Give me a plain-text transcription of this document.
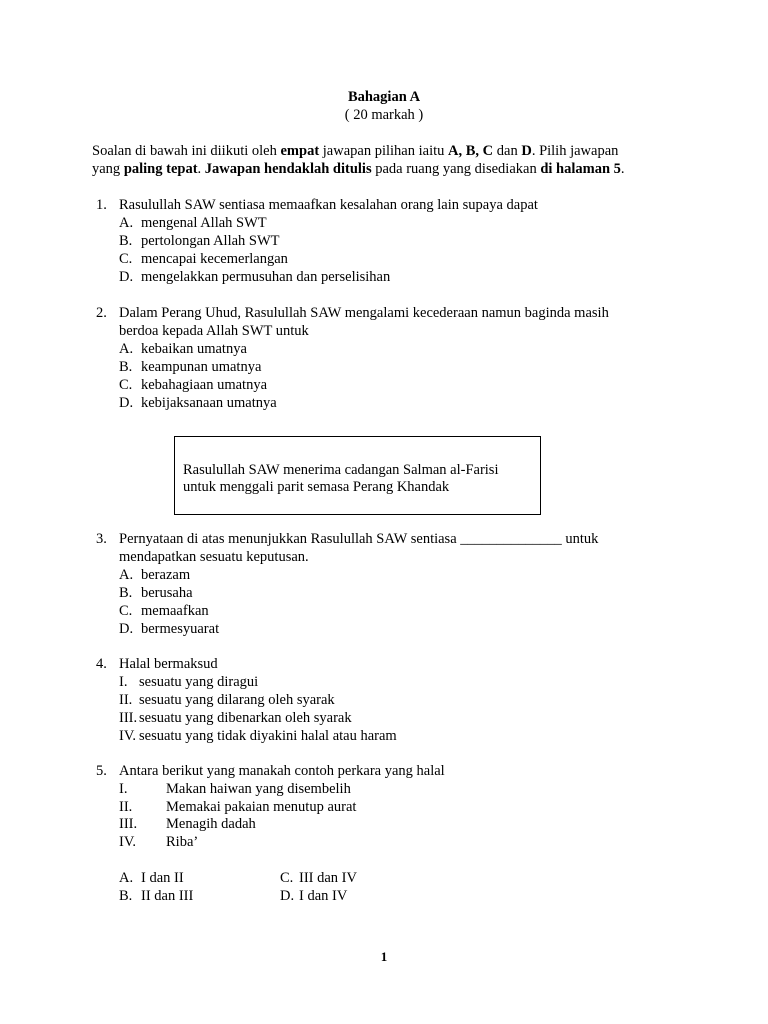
Bahagian A
( 20 markah )
Soalan di bawah ini diikuti oleh empat jawapan pilihan iaitu A, B, C dan D. Pilih jawapan
yang paling tepat. Jawapan hendaklah ditulis pada ruang yang disediakan di halaman 5.
1. Rasulullah SAW sentiasa memaafkan kesalahan orang lain supaya dapat
A. mengenal Allah SWT
B. pertolongan Allah SWT
C. mencapai kecemerlangan
D. mengelakkan permusuhan dan perselisihan
2. Dalam Perang Uhud, Rasulullah SAW mengalami kecederaan namun baginda masih
berdoa kepada Allah SWT untuk
A. kebaikan umatnya
B. keampunan umatnya
C. kebahagiaan umatnya
D. kebijaksanaan umatnya
Rasulullah SAW menerima cadangan Salman al-Farisi
untuk menggali parit semasa Perang Khandak
3. Pernyataan di atas menunjukkan Rasulullah SAW sentiasa ______________ untuk
mendapatkan sesuatu keputusan.
A. berazam
B. berusaha
C. memaafkan
D. bermesyuarat
4. Halal bermaksud
I. sesuatu yang diragui
II. sesuatu yang dilarang oleh syarak
III. sesuatu yang dibenarkan oleh syarak
IV. sesuatu yang tidak diyakini halal atau haram
5. Antara berikut yang manakah contoh perkara yang halal
I.	Makan haiwan yang disembelih
II. Memakai pakaian menutup aurat
III. Menagih dadah
IV. Riba’
A. I dan II
B. II dan III
C. III dan IV
D. I dan IV
1
